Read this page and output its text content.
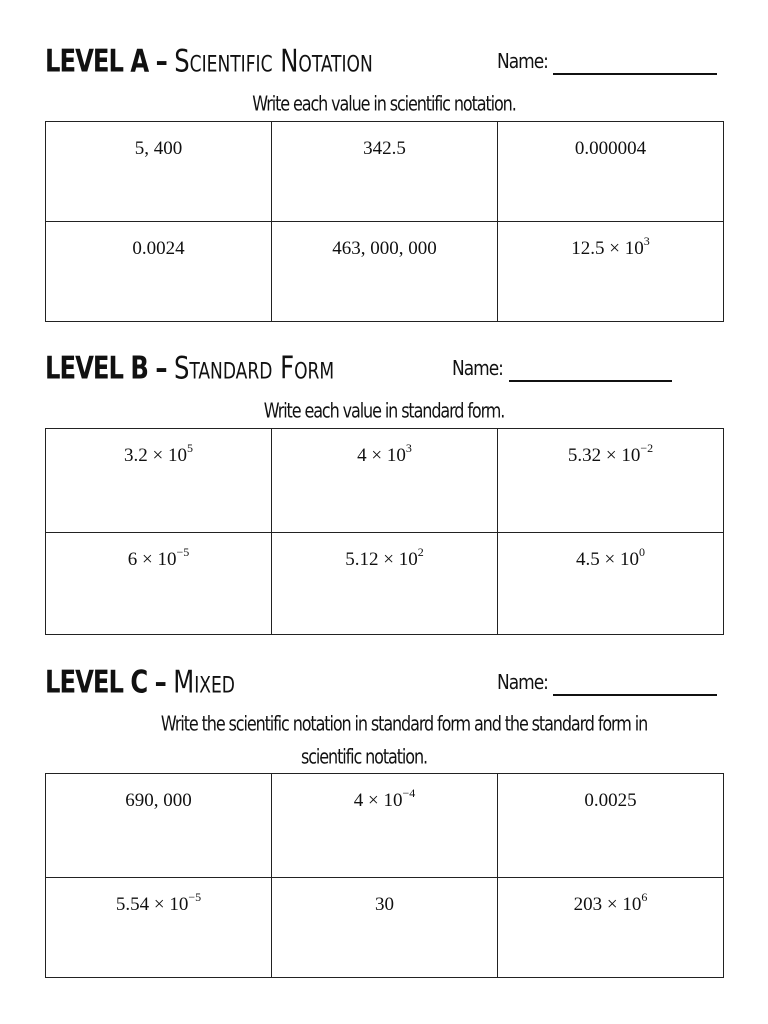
LEVEL A – Scientific Notation	Name:
Write each value in scientific notation.
5, 400	342.5	0.000004
0.0024	463, 000, 000	$12.5 \times 10^3$
LEVEL B – Standard Form	Name:
Write each value in standard form.
$3.2 \times 10^5$	$4 \times 10^3$	$5.32 \times 10^{-2}$
$6 \times 10^{-5}$	$5.12 \times 10^2$	$4.5 \times 10^0$
LEVEL C – Mixed	Name:
Write the scientific notation in standard form and the standard form in
scientific notation.
690, 000	$4 \times 10^{-4}$	0.0025
$5.54 \times 10^{-5}$	30	$203 \times 10^6$
